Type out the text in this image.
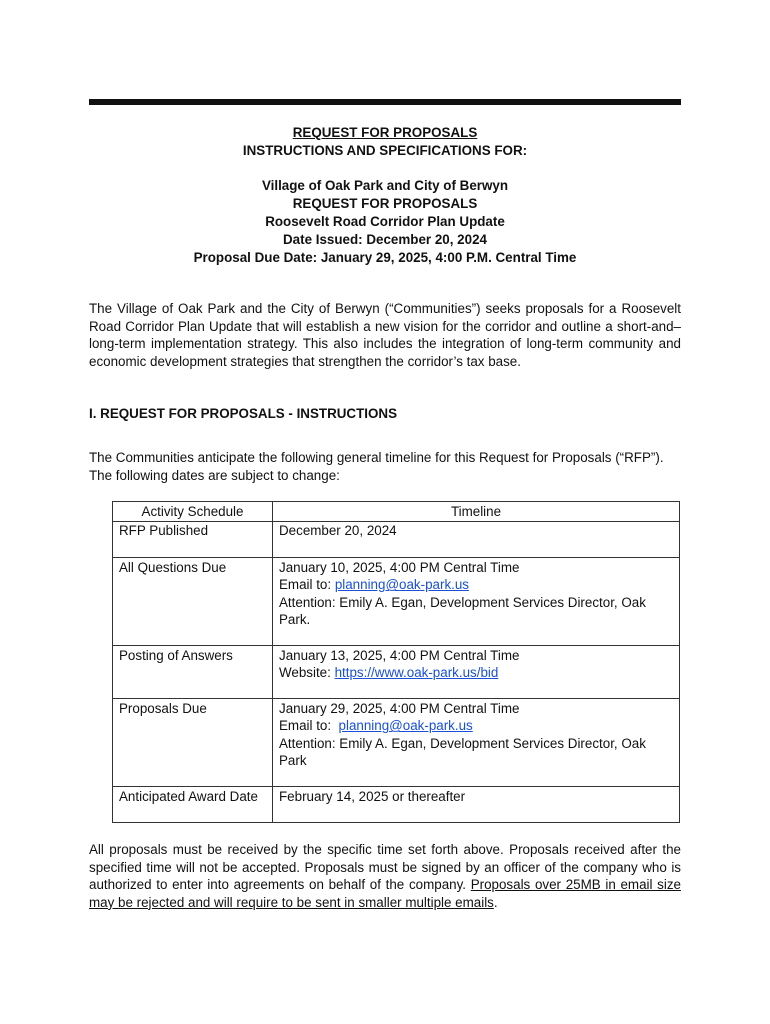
REQUEST FOR PROPOSALS
INSTRUCTIONS AND SPECIFICATIONS FOR:
Village of Oak Park and City of Berwyn
REQUEST FOR PROPOSALS
Roosevelt Road Corridor Plan Update
Date Issued: December 20, 2024
Proposal Due Date: January 29, 2025, 4:00 P.M. Central Time
The Village of Oak Park and the City of Berwyn (“Communities”) seeks proposals for a Roosevelt Road Corridor Plan Update that will establish a new vision for the corridor and outline a short-and–long-term implementation strategy. This also includes the integration of long-term community and economic development strategies that strengthen the corridor’s tax base.
I. REQUEST FOR PROPOSALS - INSTRUCTIONS
The Communities anticipate the following general timeline for this Request for Proposals (“RFP”). The following dates are subject to change:
Activity Schedule	Timeline
RFP Published	December 20, 2024
All Questions Due	January 10, 2025, 4:00 PM Central Time
Email to: planning@oak-park.us
Attention: Emily A. Egan, Development Services Director, Oak Park.

Posting of Answers	January 13, 2025, 4:00 PM Central Time
Website: https://www.oak-park.us/bid

Proposals Due	January 29, 2025, 4:00 PM Central Time
Email to:  planning@oak-park.us
Attention: Emily A. Egan, Development Services Director, Oak Park

Anticipated Award Date	February 14, 2025 or thereafter
All proposals must be received by the specific time set forth above. Proposals received after the specified time will not be accepted. Proposals must be signed by an officer of the company who is authorized to enter into agreements on behalf of the company. Proposals over 25MB in email size may be rejected and will require to be sent in smaller multiple emails.
